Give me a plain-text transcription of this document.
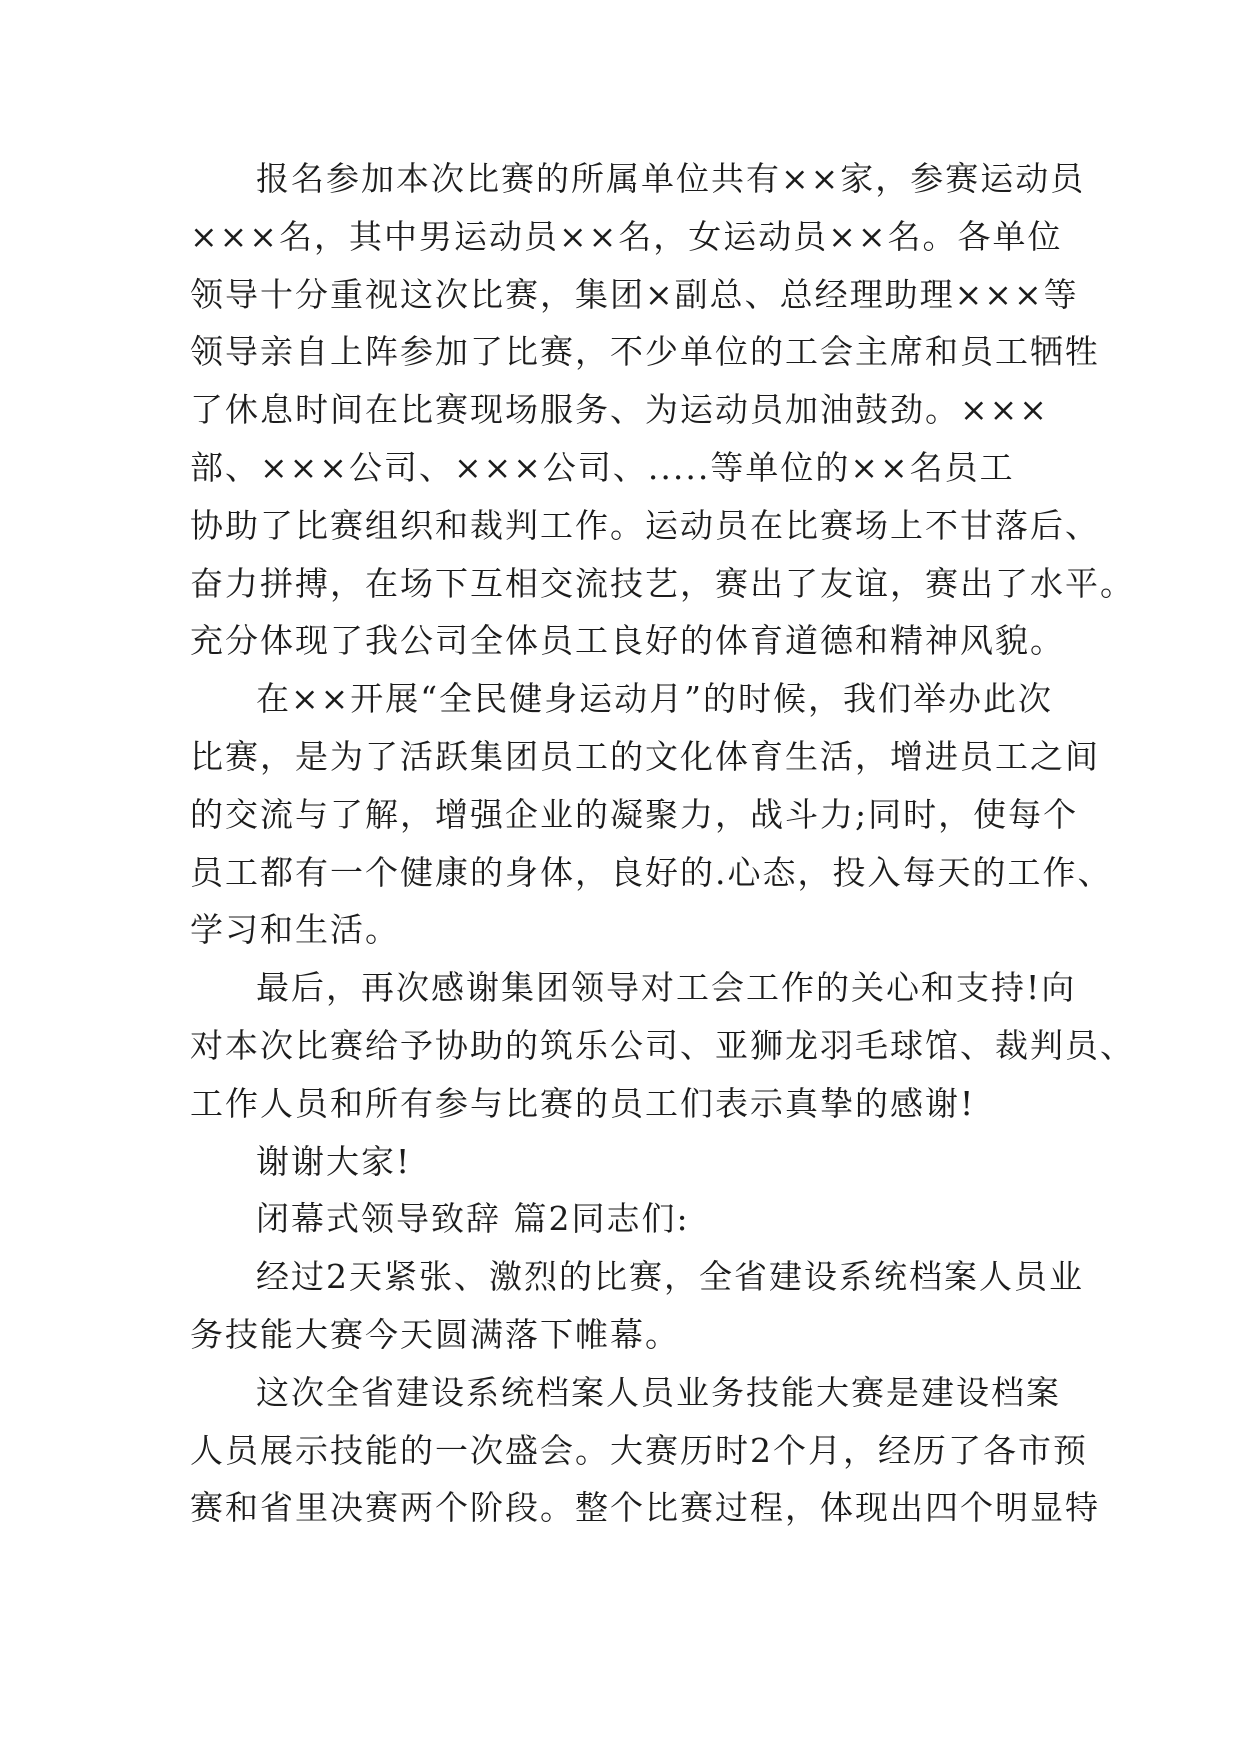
报名参加本次比赛的所属单位共有××家，参赛运动员
×××名，其中男运动员××名，女运动员××名。各单位
领导十分重视这次比赛，集团×副总、总经理助理×××等
领导亲自上阵参加了比赛，不少单位的工会主席和员工牺牲
了休息时间在比赛现场服务、为运动员加油鼓劲。×××
部、×××公司、×××公司、.....等单位的××名员工
协助了比赛组织和裁判工作。运动员在比赛场上不甘落后、
奋力拼搏，在场下互相交流技艺，赛出了友谊，赛出了水平。
充分体现了我公司全体员工良好的体育道德和精神风貌。
在××开展“全民健身运动月”的时候，我们举办此次
比赛，是为了活跃集团员工的文化体育生活，增进员工之间
的交流与了解，增强企业的凝聚力，战斗力;同时，使每个
员工都有一个健康的身体，良好的.心态，投入每天的工作、
学习和生活。
最后，再次感谢集团领导对工会工作的关心和支持!向
对本次比赛给予协助的筑乐公司、亚狮龙羽毛球馆、裁判员、
工作人员和所有参与比赛的员工们表示真挚的感谢!
谢谢大家!
闭幕式领导致辞 篇2同志们:
经过2天紧张、激烈的比赛，全省建设系统档案人员业
务技能大赛今天圆满落下帷幕。
这次全省建设系统档案人员业务技能大赛是建设档案
人员展示技能的一次盛会。大赛历时2个月，经历了各市预
赛和省里决赛两个阶段。整个比赛过程，体现出四个明显特
